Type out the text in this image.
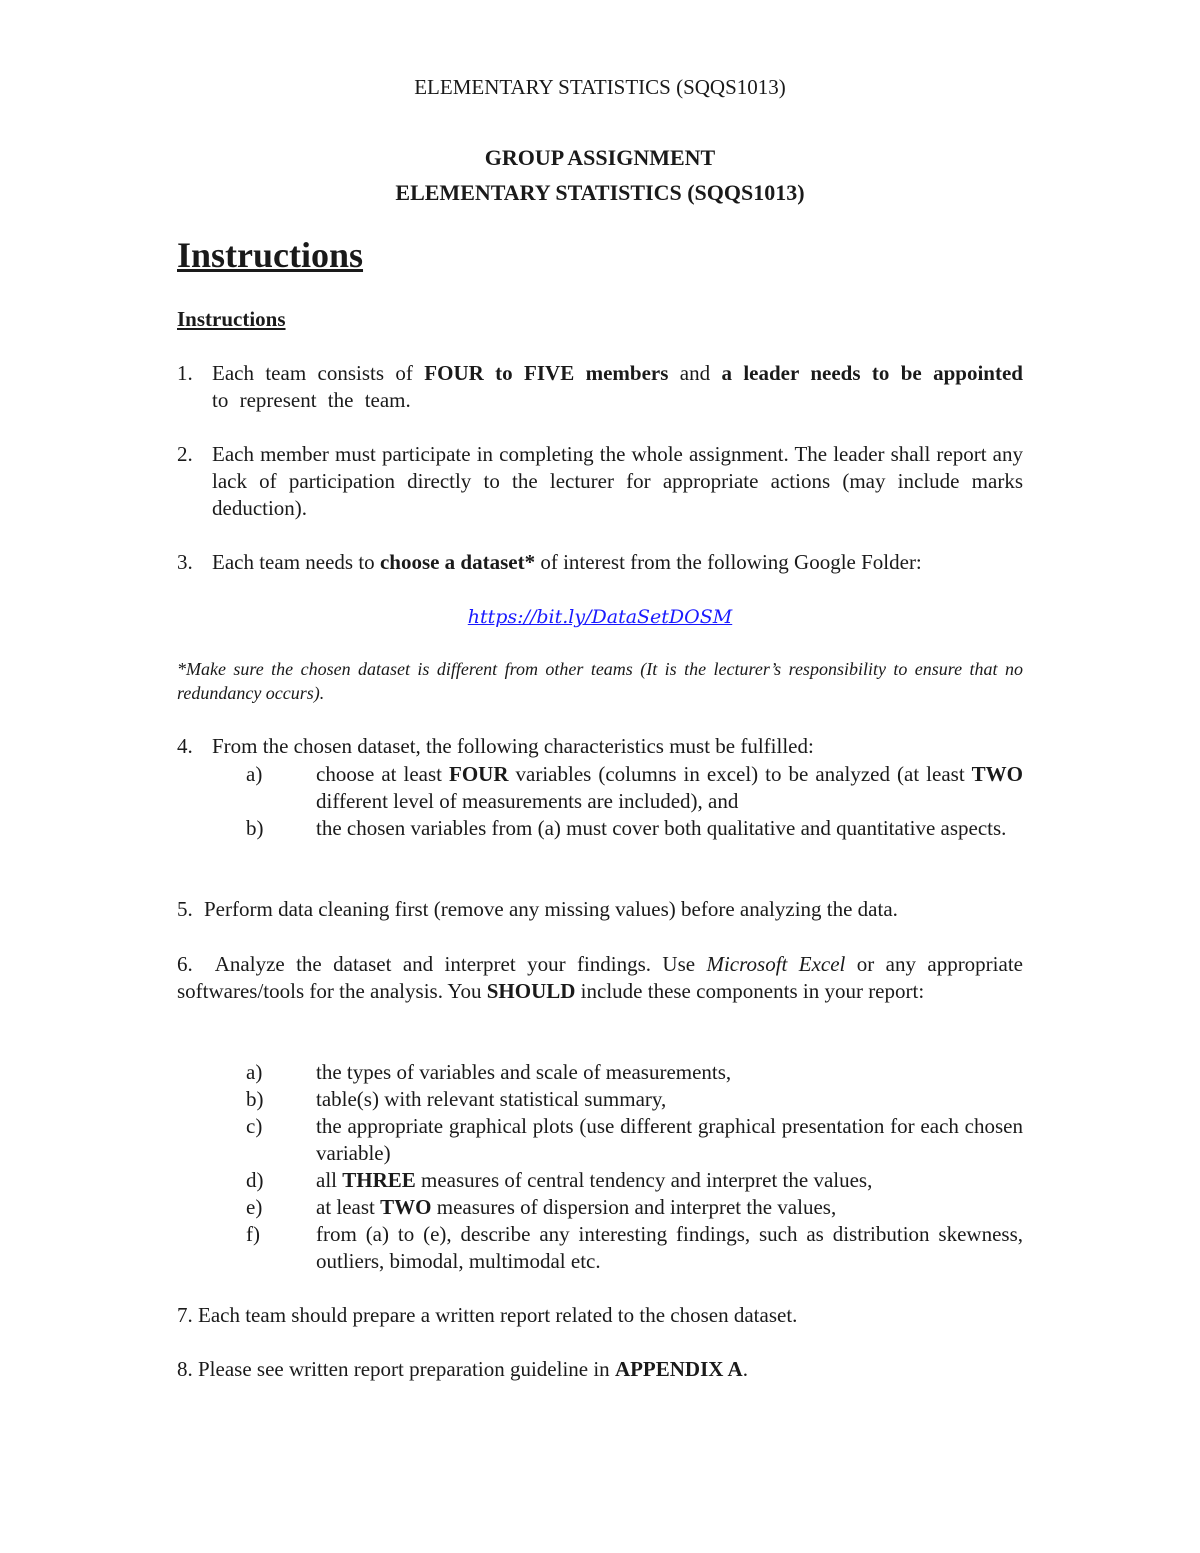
ELEMENTARY STATISTICS (SQQS1013)
GROUP ASSIGNMENT
ELEMENTARY STATISTICS (SQQS1013)
Instructions
Instructions
1. Each team consists of FOUR to FIVE members and a leader needs to be appointed to represent the team.
2. Each member must participate in completing the whole assignment. The leader shall report any lack of participation directly to the lecturer for appropriate actions (may include marks deduction).
3. Each team needs to choose a dataset* of interest from the following Google Folder:
https://bit.ly/DataSetDOSM
*Make sure the chosen dataset is different from other teams (It is the lecturer’s responsibility to ensure that no redundancy occurs).
4. From the chosen dataset, the following characteristics must be fulfilled:
a)	choose at least FOUR variables (columns in excel) to be analyzed (at least TWO different level of measurements are included), and
b)	the chosen variables from (a) must cover both qualitative and quantitative aspects.
5. Perform data cleaning first (remove any missing values) before analyzing the data.
6. Analyze the dataset and interpret your findings. Use Microsoft Excel or any appropriate softwares/tools for the analysis. You SHOULD include these components in your report:
a)	the types of variables and scale of measurements,
b)	table(s) with relevant statistical summary,
c)	the appropriate graphical plots (use different graphical presentation for each chosen variable)
d)	all THREE measures of central tendency and interpret the values,
e)	at least TWO measures of dispersion and interpret the values,
f)	from (a) to (e), describe any interesting findings, such as distribution skewness, outliers, bimodal, multimodal etc.
7. Each team should prepare a written report related to the chosen dataset.
8. Please see written report preparation guideline in APPENDIX A.
